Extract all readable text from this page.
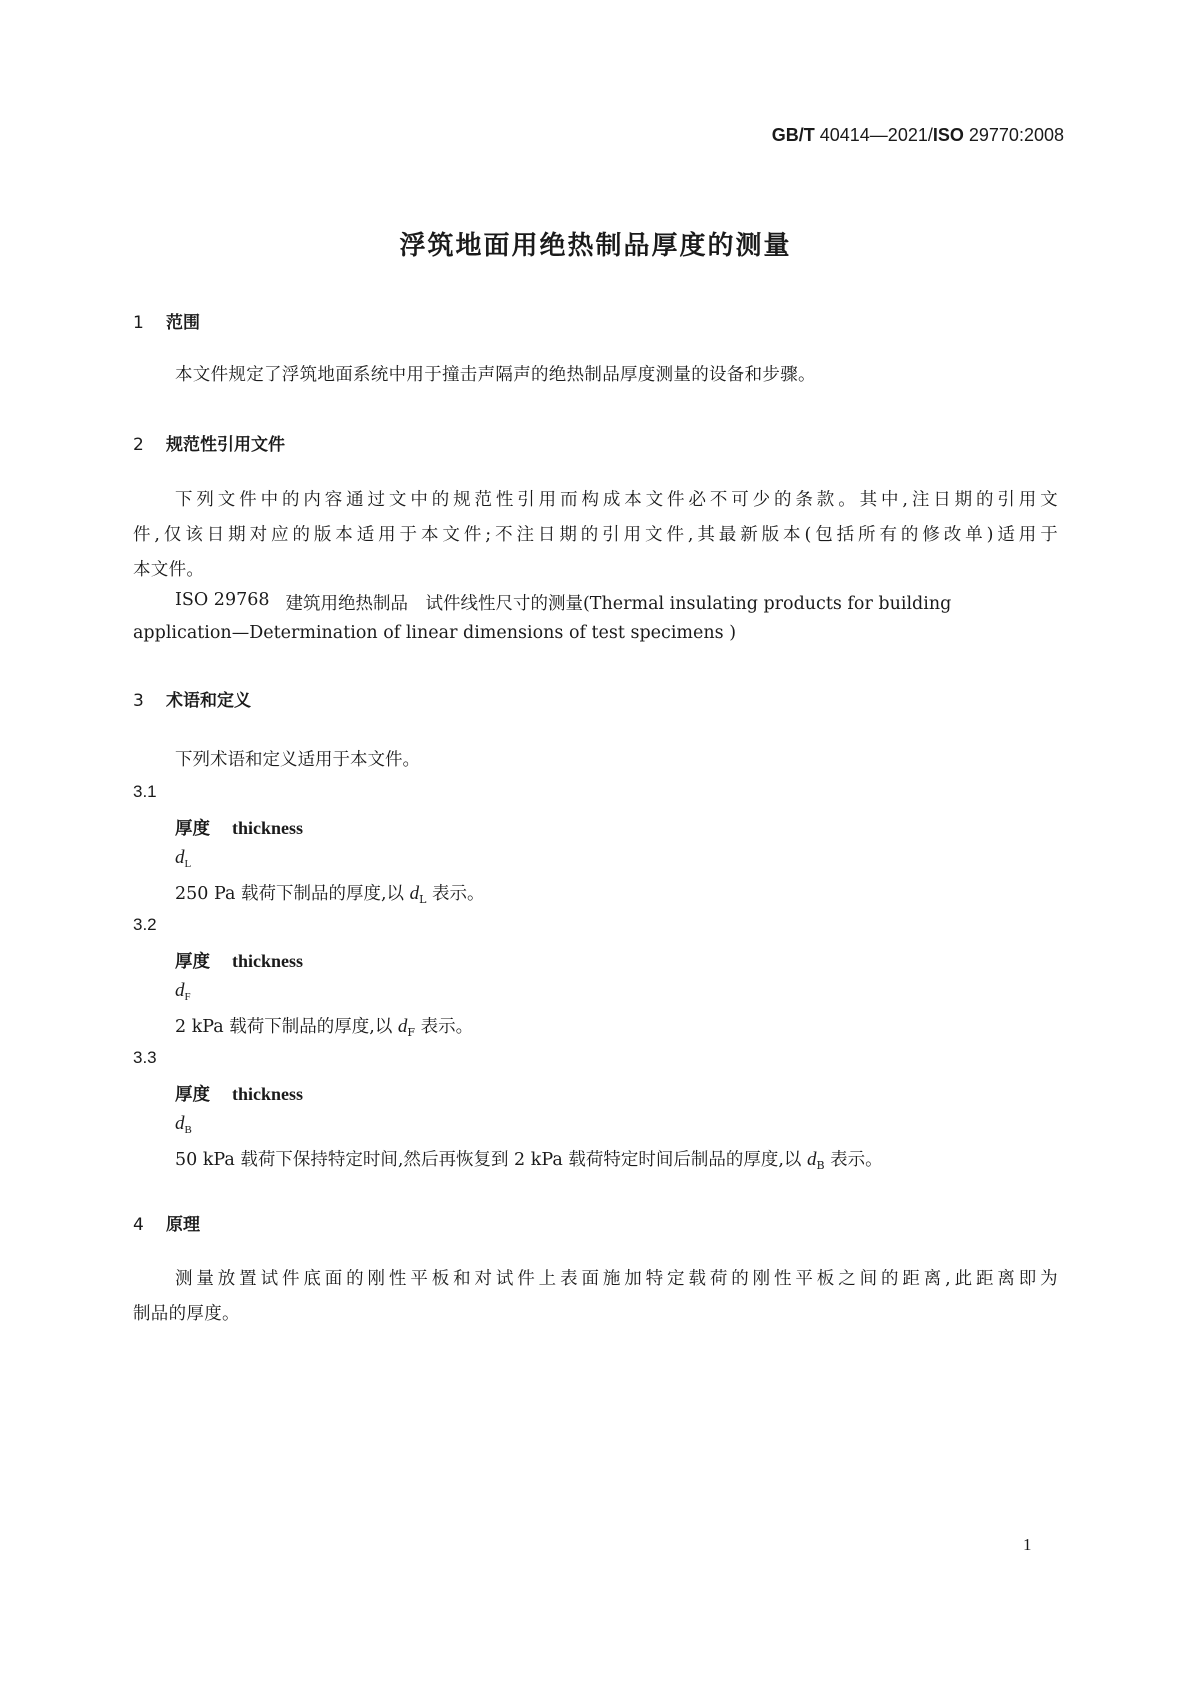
GB/T 40414—2021/ISO 29770:2008
浮筑地面用绝热制品厚度的测量
1 范围
本文件规定了浮筑地面系统中用于撞击声隔声的绝热制品厚度测量的设备和步骤。
2 规范性引用文件
下列文件中的内容通过文中的规范性引用而构成本文件必不可少的条款。其中,注日期的引用文
件,仅该日期对应的版本适用于本文件;不注日期的引用文件,其最新版本(包括所有的修改单)适用于
本文件。
ISO 29768 建筑用绝热制品　试件线性尺寸的测量(Thermal insulating products for building
application—Determination of linear dimensions of test specimens )
3 术语和定义
下列术语和定义适用于本文件。
3.1
厚度 thickness
$d_L$
250 Pa 载荷下制品的厚度,以 $d_L$ 表示。
3.2
厚度 thickness
$d_F$
2 kPa 载荷下制品的厚度,以 $d_F$ 表示。
3.3
厚度 thickness
$d_B$
50 kPa 载荷下保持特定时间,然后再恢复到 2 kPa 载荷特定时间后制品的厚度,以 $d_B$ 表示。
4 原理
测量放置试件底面的刚性平板和对试件上表面施加特定载荷的刚性平板之间的距离,此距离即为
制品的厚度。
1
